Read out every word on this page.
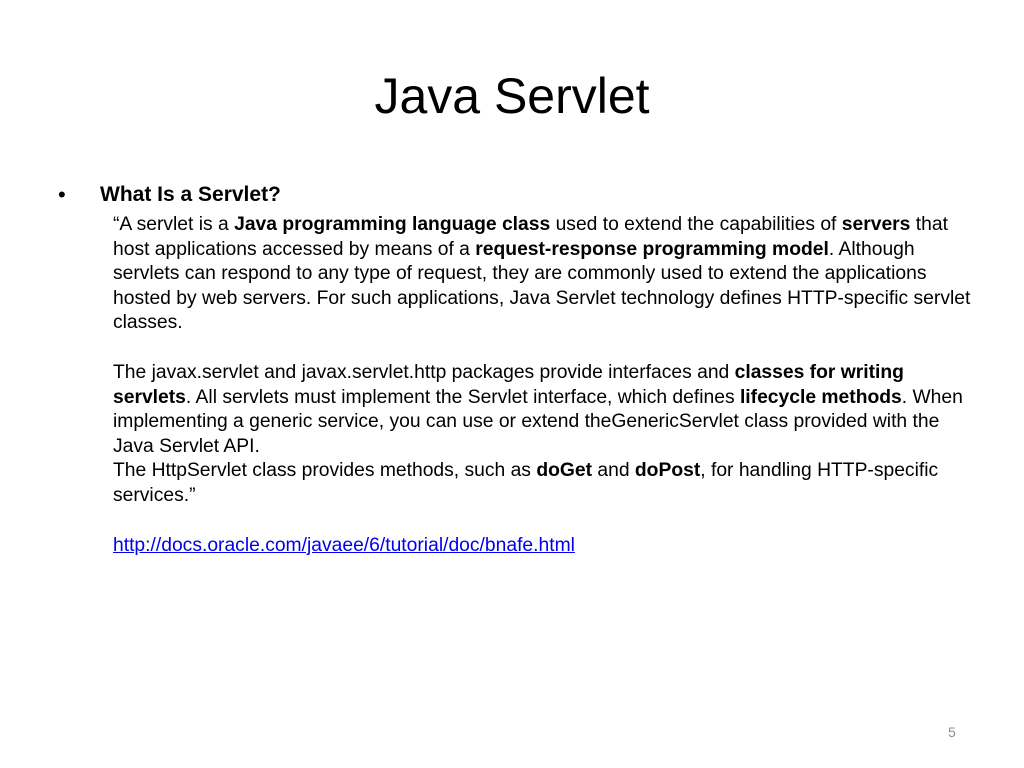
Java Servlet
• What Is a Servlet?

“A servlet is a Java programming language class used to extend the capabilities of servers that host applications accessed by means of a request-response programming model. Although servlets can respond to any type of request, they are commonly used to extend the applications hosted by web servers. For such applications, Java Servlet technology defines HTTP-specific servlet classes.

The javax.servlet and javax.servlet.http packages provide interfaces and classes for writing servlets. All servlets must implement the Servlet interface, which defines lifecycle methods. When implementing a generic service, you can use or extend theGenericServlet class provided with the Java Servlet API.

The HttpServlet class provides methods, such as doGet and doPost, for handling HTTP-specific services.”

http://docs.oracle.com/javaee/6/tutorial/doc/bnafe.html

5
